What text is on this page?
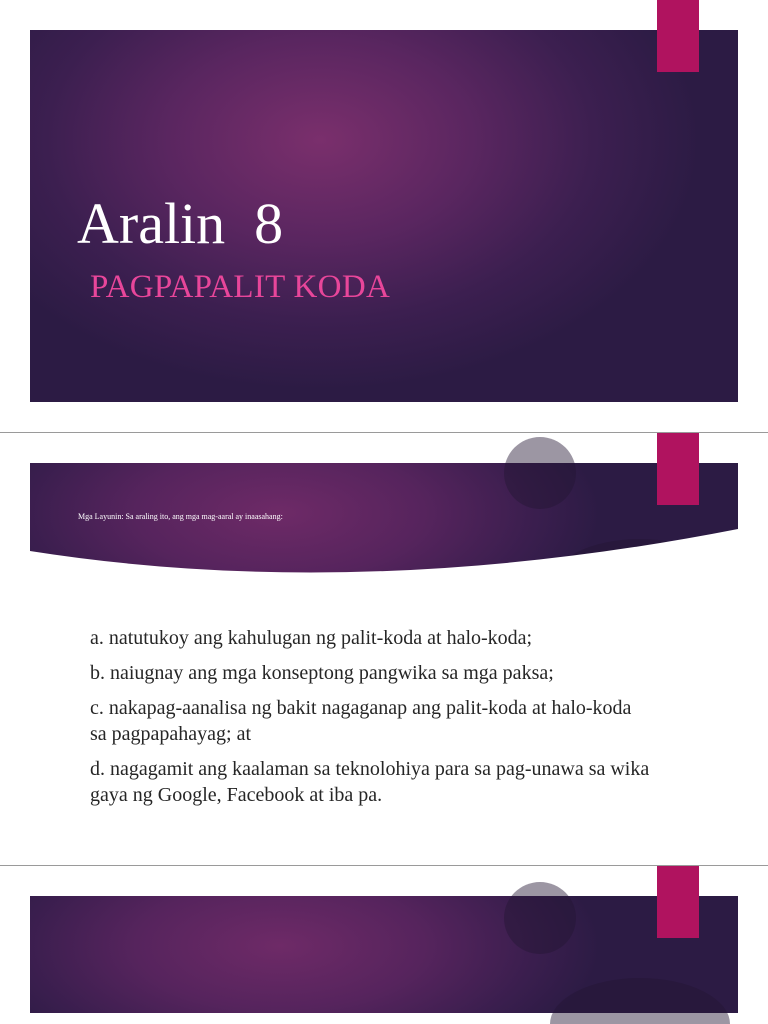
Aralin  8
PAGPAPALIT KODA
Mga Layunin: Sa araling ito, ang mga mag-aaral ay inaasahang:
a. natutukoy ang kahulugan ng palit-koda at halo-koda;
b. naiugnay ang mga konseptong pangwika sa mga paksa;
c. nakapag-aanalisa ng bakit nagaganap ang palit-koda at halo-koda sa pagpapahayag; at
d. nagagamit ang kaalaman sa teknolohiya para sa pag-unawa sa wika gaya ng Google, Facebook at iba pa.
